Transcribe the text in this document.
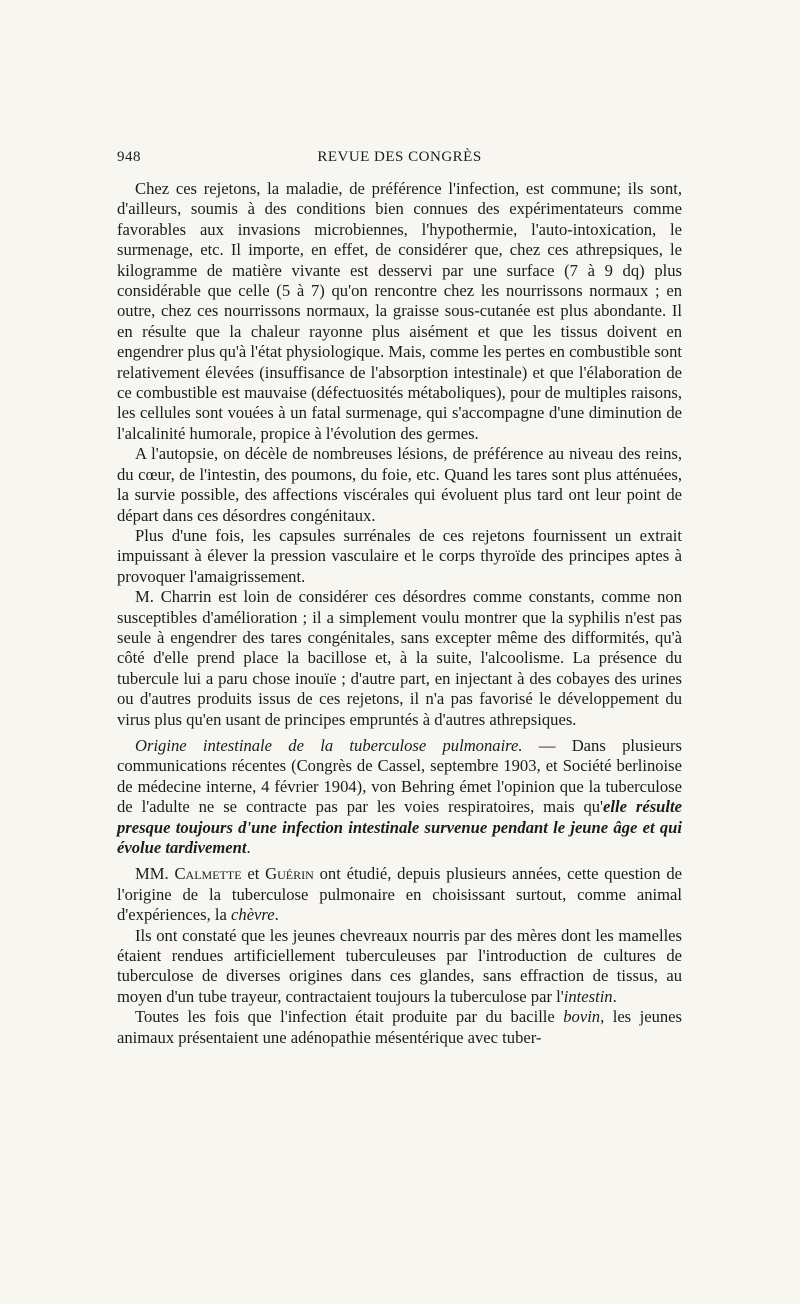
948	REVUE DES CONGRÈS

Chez ces rejetons, la maladie, de préférence l'infection, est commune; ils sont, d'ailleurs, soumis à des conditions bien connues des expérimentateurs comme favorables aux invasions microbiennes, l'hypothermie, l'auto-intoxication, le surmenage, etc. Il importe, en effet, de considérer que, chez ces athrepsiques, le kilogramme de matière vivante est desservi par une surface (7 à 9 dq) plus considérable que celle (5 à 7) qu'on rencontre chez les nourrissons normaux ; en outre, chez ces nourrissons normaux, la graisse sous-cutanée est plus abondante. Il en résulte que la chaleur rayonne plus aisément et que les tissus doivent en engendrer plus qu'à l'état physiologique. Mais, comme les pertes en combustible sont relativement élevées (insuffisance de l'absorption intestinale) et que l'élaboration de ce combustible est mauvaise (défectuosités métaboliques), pour de multiples raisons, les cellules sont vouées à un fatal surmenage, qui s'accompagne d'une diminution de l'alcalinité humorale, propice à l'évolution des germes.

A l'autopsie, on décèle de nombreuses lésions, de préférence au niveau des reins, du cœur, de l'intestin, des poumons, du foie, etc. Quand les tares sont plus atténuées, la survie possible, des affections viscérales qui évoluent plus tard ont leur point de départ dans ces désordres congénitaux.

Plus d'une fois, les capsules surrénales de ces rejetons fournissent un extrait impuissant à élever la pression vasculaire et le corps thyroïde des principes aptes à provoquer l'amaigrissement.

M. Charrin est loin de considérer ces désordres comme constants, comme non susceptibles d'amélioration ; il a simplement voulu montrer que la syphilis n'est pas seule à engendrer des tares congénitales, sans excepter même des difformités, qu'à côté d'elle prend place la bacillose et, à la suite, l'alcoolisme. La présence du tubercule lui a paru chose inouïe ; d'autre part, en injectant à des cobayes des urines ou d'autres produits issus de ces rejetons, il n'a pas favorisé le développement du virus plus qu'en usant de principes empruntés à d'autres athrepsiques.

Origine intestinale de la tuberculose pulmonaire. — Dans plusieurs communications récentes (Congrès de Cassel, septembre 1903, et Société berlinoise de médecine interne, 4 février 1904), von Behring émet l'opinion que la tuberculose de l'adulte ne se contracte pas par les voies respiratoires, mais qu'elle résulte presque toujours d'une infection intestinale survenue pendant le jeune âge et qui évolue tardivement.

MM. Calmette et Guérin ont étudié, depuis plusieurs années, cette question de l'origine de la tuberculose pulmonaire en choisissant surtout, comme animal d'expériences, la chèvre.

Ils ont constaté que les jeunes chevreaux nourris par des mères dont les mamelles étaient rendues artificiellement tuberculeuses par l'introduction de cultures de tuberculose de diverses origines dans ces glandes, sans effraction de tissus, au moyen d'un tube trayeur, contractaient toujours la tuberculose par l'intestin.

Toutes les fois que l'infection était produite par du bacille bovin, les jeunes animaux présentaient une adénopathie mésentérique avec tuber-
